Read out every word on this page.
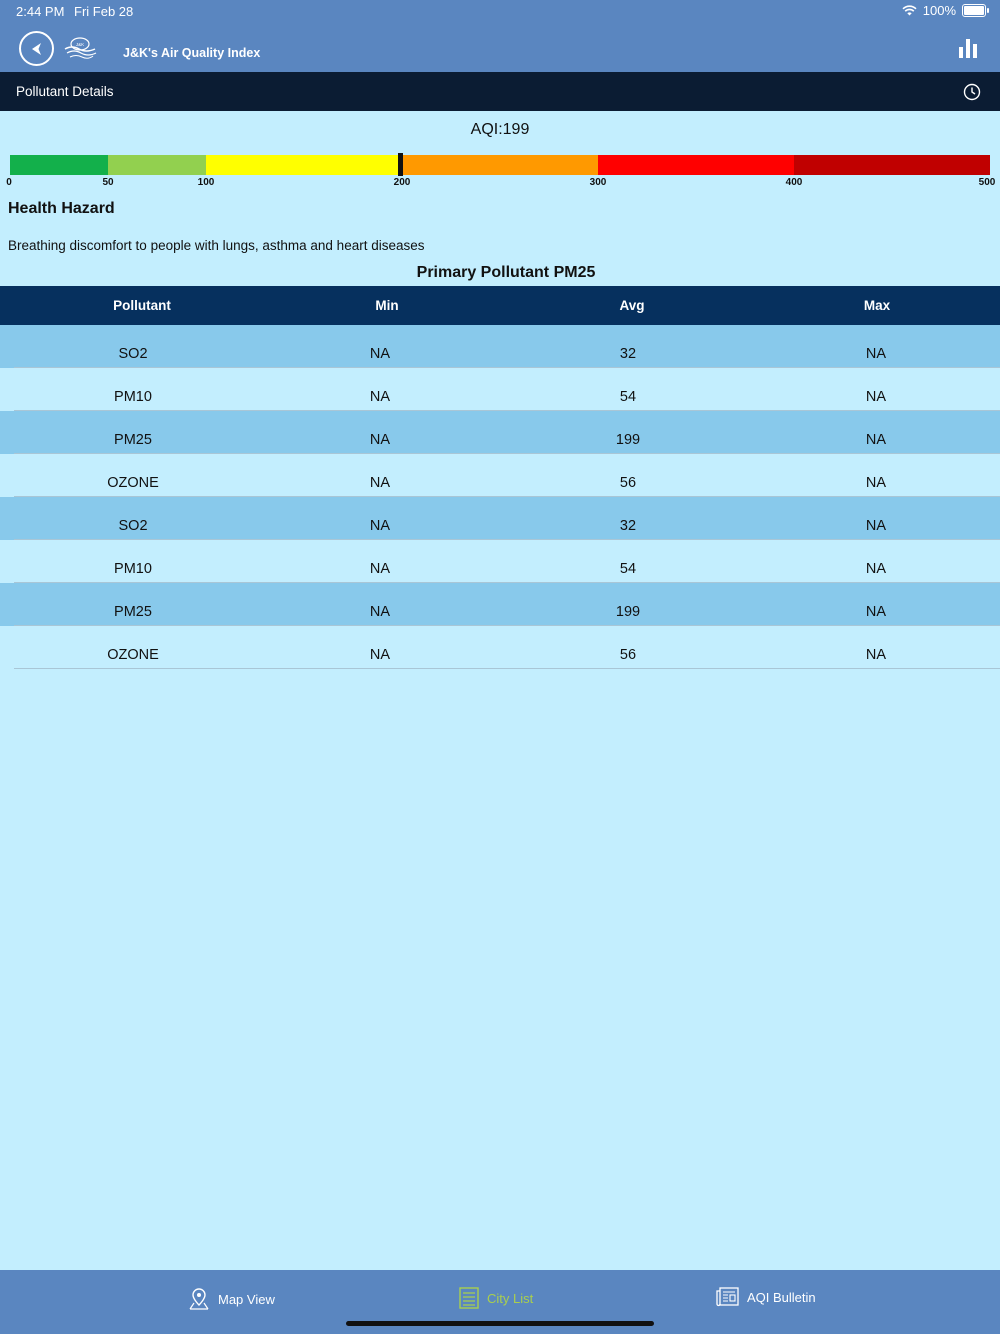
2:44 PM Fri Feb 28	100%
J&K
J&K's Air Quality Index
Pollutant Details
AQI:199
0	50	100	200	300	400	500
Health Hazard
Breathing discomfort to people with lungs, asthma and heart diseases
Primary Pollutant PM25
Pollutant	Min	Avg	Max
SO2	NA	32	NA
PM10	NA	54	NA
PM25	NA	199	NA
OZONE	NA	56	NA
SO2	NA	32	NA
PM10	NA	54	NA
PM25	NA	199	NA
OZONE	NA	56	NA
Map View	City List	AQI Bulletin
